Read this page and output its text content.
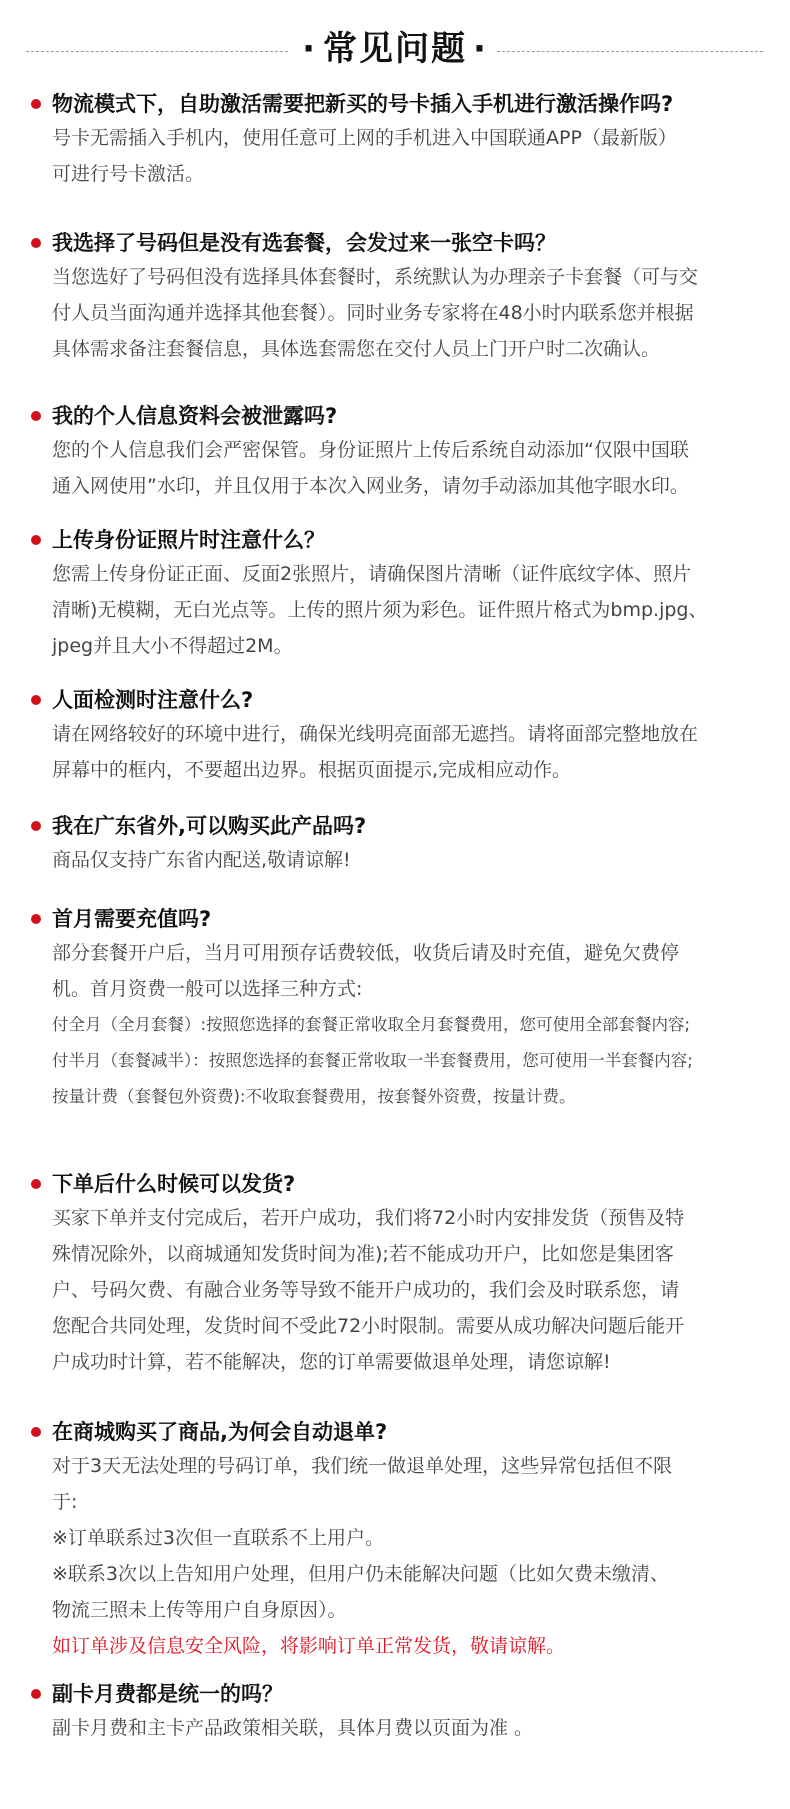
· 常见问题 ·
物流模式下，自助激活需要把新买的号卡插入手机进行激活操作吗?
号卡无需插入手机内，使用任意可上网的手机进入中国联通APP（最新版）
可进行号卡激活。
我选择了号码但是没有选套餐，会发过来一张空卡吗？
当您选好了号码但没有选择具体套餐时，系统默认为办理亲子卡套餐（可与交
付人员当面沟通并选择其他套餐）。同时业务专家将在48小时内联系您并根据
具体需求备注套餐信息，具体选套需您在交付人员上门开户时二次确认。
我的个人信息资料会被泄露吗?
您的个人信息我们会严密保管。身份证照片上传后系统自动添加“仅限中国联
通入网使用”水印，并且仅用于本次入网业务，请勿手动添加其他字眼水印。
上传身份证照片时注意什么？
您需上传身份证正面、反面2张照片，请确保图片清晰（证件底纹字体、照片
清晰)无模糊，无白光点等。上传的照片须为彩色。证件照片格式为bmp.jpg、
jpeg并且大小不得超过2M。
人面检测时注意什么?
请在网络较好的环境中进行，确保光线明亮面部无遮挡。请将面部完整地放在
屏幕中的框内，不要超出边界。根据页面提示,完成相应动作。
我在广东省外,可以购买此产品吗?
商品仅支持广东省内配送,敬请谅解!
首月需要充值吗?
部分套餐开户后，当月可用预存话费较低，收货后请及时充值，避免欠费停
机。首月资费一般可以选择三种方式:
付全月（全月套餐）:按照您选择的套餐正常收取全月套餐费用，您可使用全部套餐内容;
付半月（套餐减半）：按照您选择的套餐正常收取一半套餐费用，您可使用一半套餐内容;
按量计费（套餐包外资费):不收取套餐费用，按套餐外资费，按量计费。
下单后什么时候可以发货?
买家下单并支付完成后，若开户成功，我们将72小时内安排发货（预售及特
殊情况除外，以商城通知发货时间为准);若不能成功开户，比如您是集团客
户、号码欠费、有融合业务等导致不能开户成功的，我们会及时联系您，请
您配合共同处理，发货时间不受此72小时限制。需要从成功解决问题后能开
户成功时计算，若不能解决，您的订单需要做退单处理，请您谅解!
在商城购买了商品,为何会自动退单?
对于3天无法处理的号码订单，我们统一做退单处理，这些异常包括但不限
于:
※订单联系过3次但一直联系不上用户。
※联系3次以上告知用户处理，但用户仍未能解决问题（比如欠费未缴清、
物流三照未上传等用户自身原因）。
如订单涉及信息安全风险，将影响订单正常发货，敬请谅解。
副卡月费都是统一的吗？
副卡月费和主卡产品政策相关联，具体月费以页面为准 。
